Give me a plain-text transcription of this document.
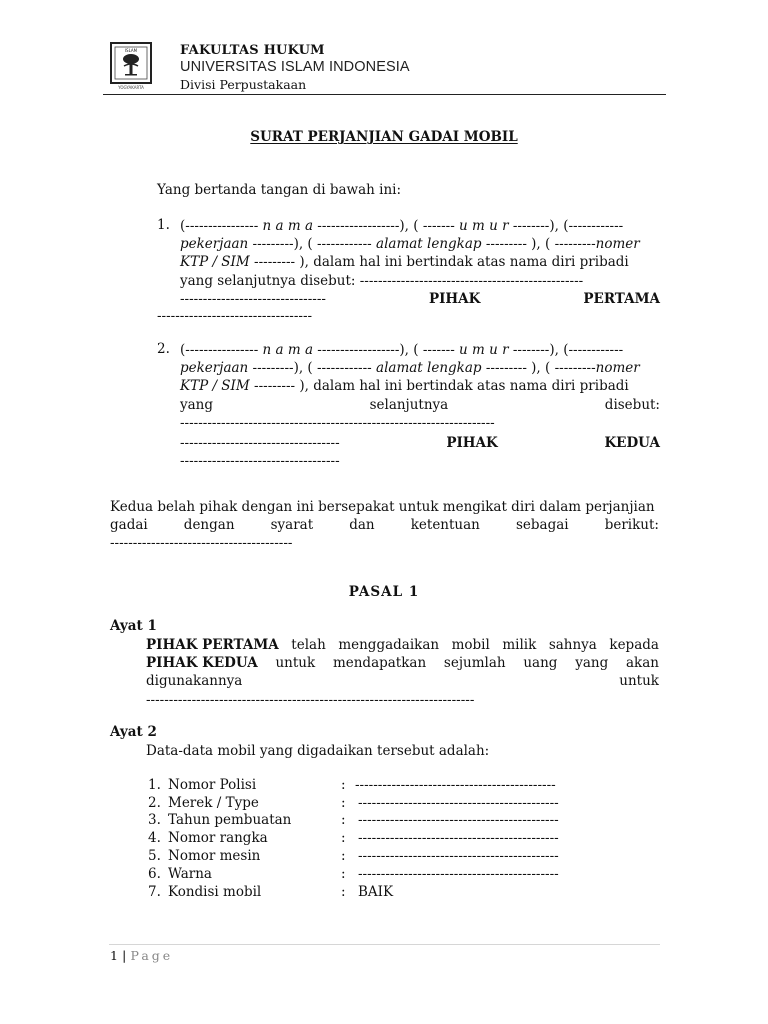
ISLAM
YOGYAKARTA
FAKULTAS HUKUM
UNIVERSITAS ISLAM INDONESIA
Divisi Perpustakaan
SURAT PERJANJIAN GADAI MOBIL
Yang bertanda tangan di bawah ini:
1. (---------------- n a m a ------------------), ( ------- u m u r --------), (------------
pekerjaan ---------), ( ------------ alamat lengkap --------- ), ( ---------nomer
KTP / SIM --------- ), dalam hal ini bertindak atas nama diri pribadi
yang selanjutnya disebut: -------------------------------------------------
--------------------------------	PIHAK	PERTAMA
----------------------------------
2. (---------------- n a m a ------------------), ( ------- u m u r --------), (------------
pekerjaan ---------), ( ------------ alamat lengkap --------- ), ( ---------nomer
KTP / SIM --------- ), dalam hal ini bertindak atas nama diri pribadi
yang	selanjutnya	disebut:
---------------------------------------------------------------------
-----------------------------------	PIHAK	KEDUA
-----------------------------------
Kedua belah pihak dengan ini bersepakat untuk mengikat diri dalam perjanjian
gadai	dengan	syarat	dan	ketentuan	sebagai	berikut:
----------------------------------------
PASAL 1
Ayat 1
PIHAK PERTAMA telah menggadaikan mobil milik sahnya kepada
PIHAK KEDUA untuk mendapatkan sejumlah uang yang akan
digunakannya	untuk
------------------------------------------------------------------------
Ayat 2
Data-data mobil yang digadaikan tersebut adalah:
1. Nomor Polisi	: --------------------------------------------
2. Merek / Type	: --------------------------------------------
3. Tahun pembuatan	: --------------------------------------------
4. Nomor rangka	: --------------------------------------------
5. Nomor mesin	: --------------------------------------------
6. Warna	: --------------------------------------------
7. Kondisi mobil	: BAIK
1 | Page
